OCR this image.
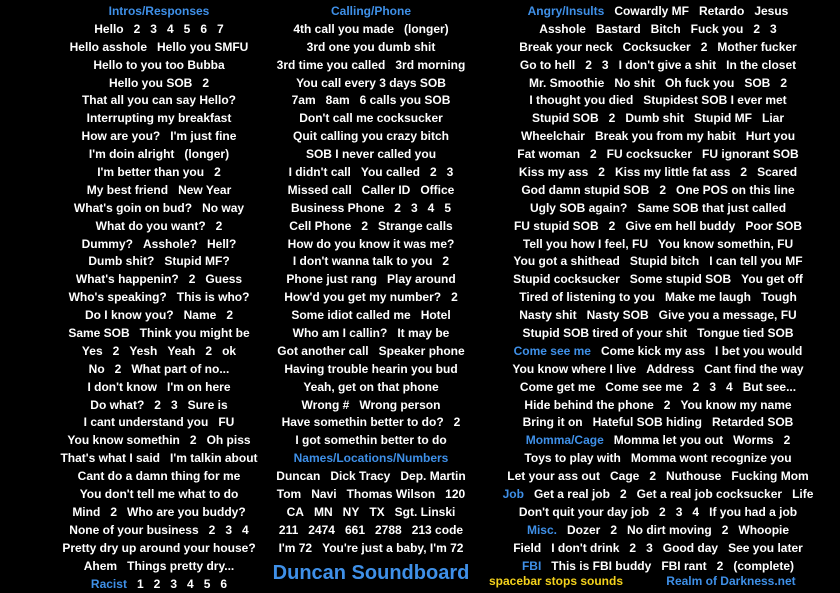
Intros/Responses
Hello 2 3 4 5 6 7
Hello asshole Hello you SMFU
Hello to you too Bubba
Hello you SOB 2
That all you can say Hello?
Interrupting my breakfast
How are you? I'm just fine
I'm doin alright (longer)
I'm better than you 2
My best friend New Year
What's goin on bud? No way
What do you want? 2
Dummy? Asshole? Hell?
Dumb shit? Stupid MF?
What's happenin? 2 Guess
Who's speaking? This is who?
Do I know you? Name 2
Same SOB Think you might be
Yes 2 Yesh Yeah 2 ok
No 2 What part of no...
I don't know I'm on here
Do what? 2 3 Sure is
I cant understand you FU
You know somethin 2 Oh piss
That's what I said I'm talkin about
Cant do a damn thing for me
You don't tell me what to do
Mind 2 Who are you buddy?
None of your business 2 3 4
Pretty dry up around your house?
Ahem Things pretty dry...
Racist 1 2 3 4 5 6
Calling/Phone
4th call you made (longer)
3rd one you dumb shit
3rd time you called 3rd morning
You call every 3 days SOB
7am 8am 6 calls you SOB
Don't call me cocksucker
Quit calling you crazy bitch
SOB I never called you
I didn't call You called 2 3
Missed call Caller ID Office
Business Phone 2 3 4 5
Cell Phone 2 Strange calls
How do you know it was me?
I don't wanna talk to you 2
Phone just rang Play around
How'd you get my number? 2
Some idiot called me Hotel
Who am I callin? It may be
Got another call Speaker phone
Having trouble hearin you bud
Yeah, get on that phone
Wrong # Wrong person
Have somethin better to do? 2
I got somethin better to do
Names/Locations/Numbers
Duncan Dick Tracy Dep. Martin
Tom Navi Thomas Wilson 120
CA MN NY TX Sgt. Linski
211 2474 661 2788 213 code
I'm 72 You're just a baby, I'm 72
Angry/Insults Cowardly MF Retardo Jesus
Asshole Bastard Bitch Fuck you 2 3
Break your neck Cocksucker 2 Mother fucker
Go to hell 2 3 I don't give a shit In the closet
Mr. Smoothie No shit Oh fuck you SOB 2
I thought you died Stupidest SOB I ever met
Stupid SOB 2 Dumb shit Stupid MF Liar
Wheelchair Break you from my habit Hurt you
Fat woman 2 FU cocksucker FU ignorant SOB
Kiss my ass 2 Kiss my little fat ass 2 Scared
God damn stupid SOB 2 One POS on this line
Ugly SOB again? Same SOB that just called
FU stupid SOB 2 Give em hell buddy Poor SOB
Tell you how I feel, FU You know somethin, FU
You got a shithead Stupid bitch I can tell you MF
Stupid cocksucker Some stupid SOB You get off
Tired of listening to you Make me laugh Tough
Nasty shit Nasty SOB Give you a message, FU
Stupid SOB tired of your shit Tongue tied SOB
Come see me Come kick my ass I bet you would
You know where I live Address Cant find the way
Come get me Come see me 2 3 4 But see...
Hide behind the phone 2 You know my name
Bring it on Hateful SOB hiding Retarded SOB
Momma/Cage Momma let you out Worms 2
Toys to play with Momma wont recognize you
Let your ass out Cage 2 Nuthouse Fucking Mom
Job Get a real job 2 Get a real job cocksucker Life
Don't quit your day job 2 3 4 If you had a job
Misc. Dozer 2 No dirt moving 2 Whoopie
Field I don't drink 2 3 Good day See you later
FBI This is FBI buddy FBI rant 2 (complete)
Duncan Soundboard	spacebar stops sounds	Realm of Darkness.net
